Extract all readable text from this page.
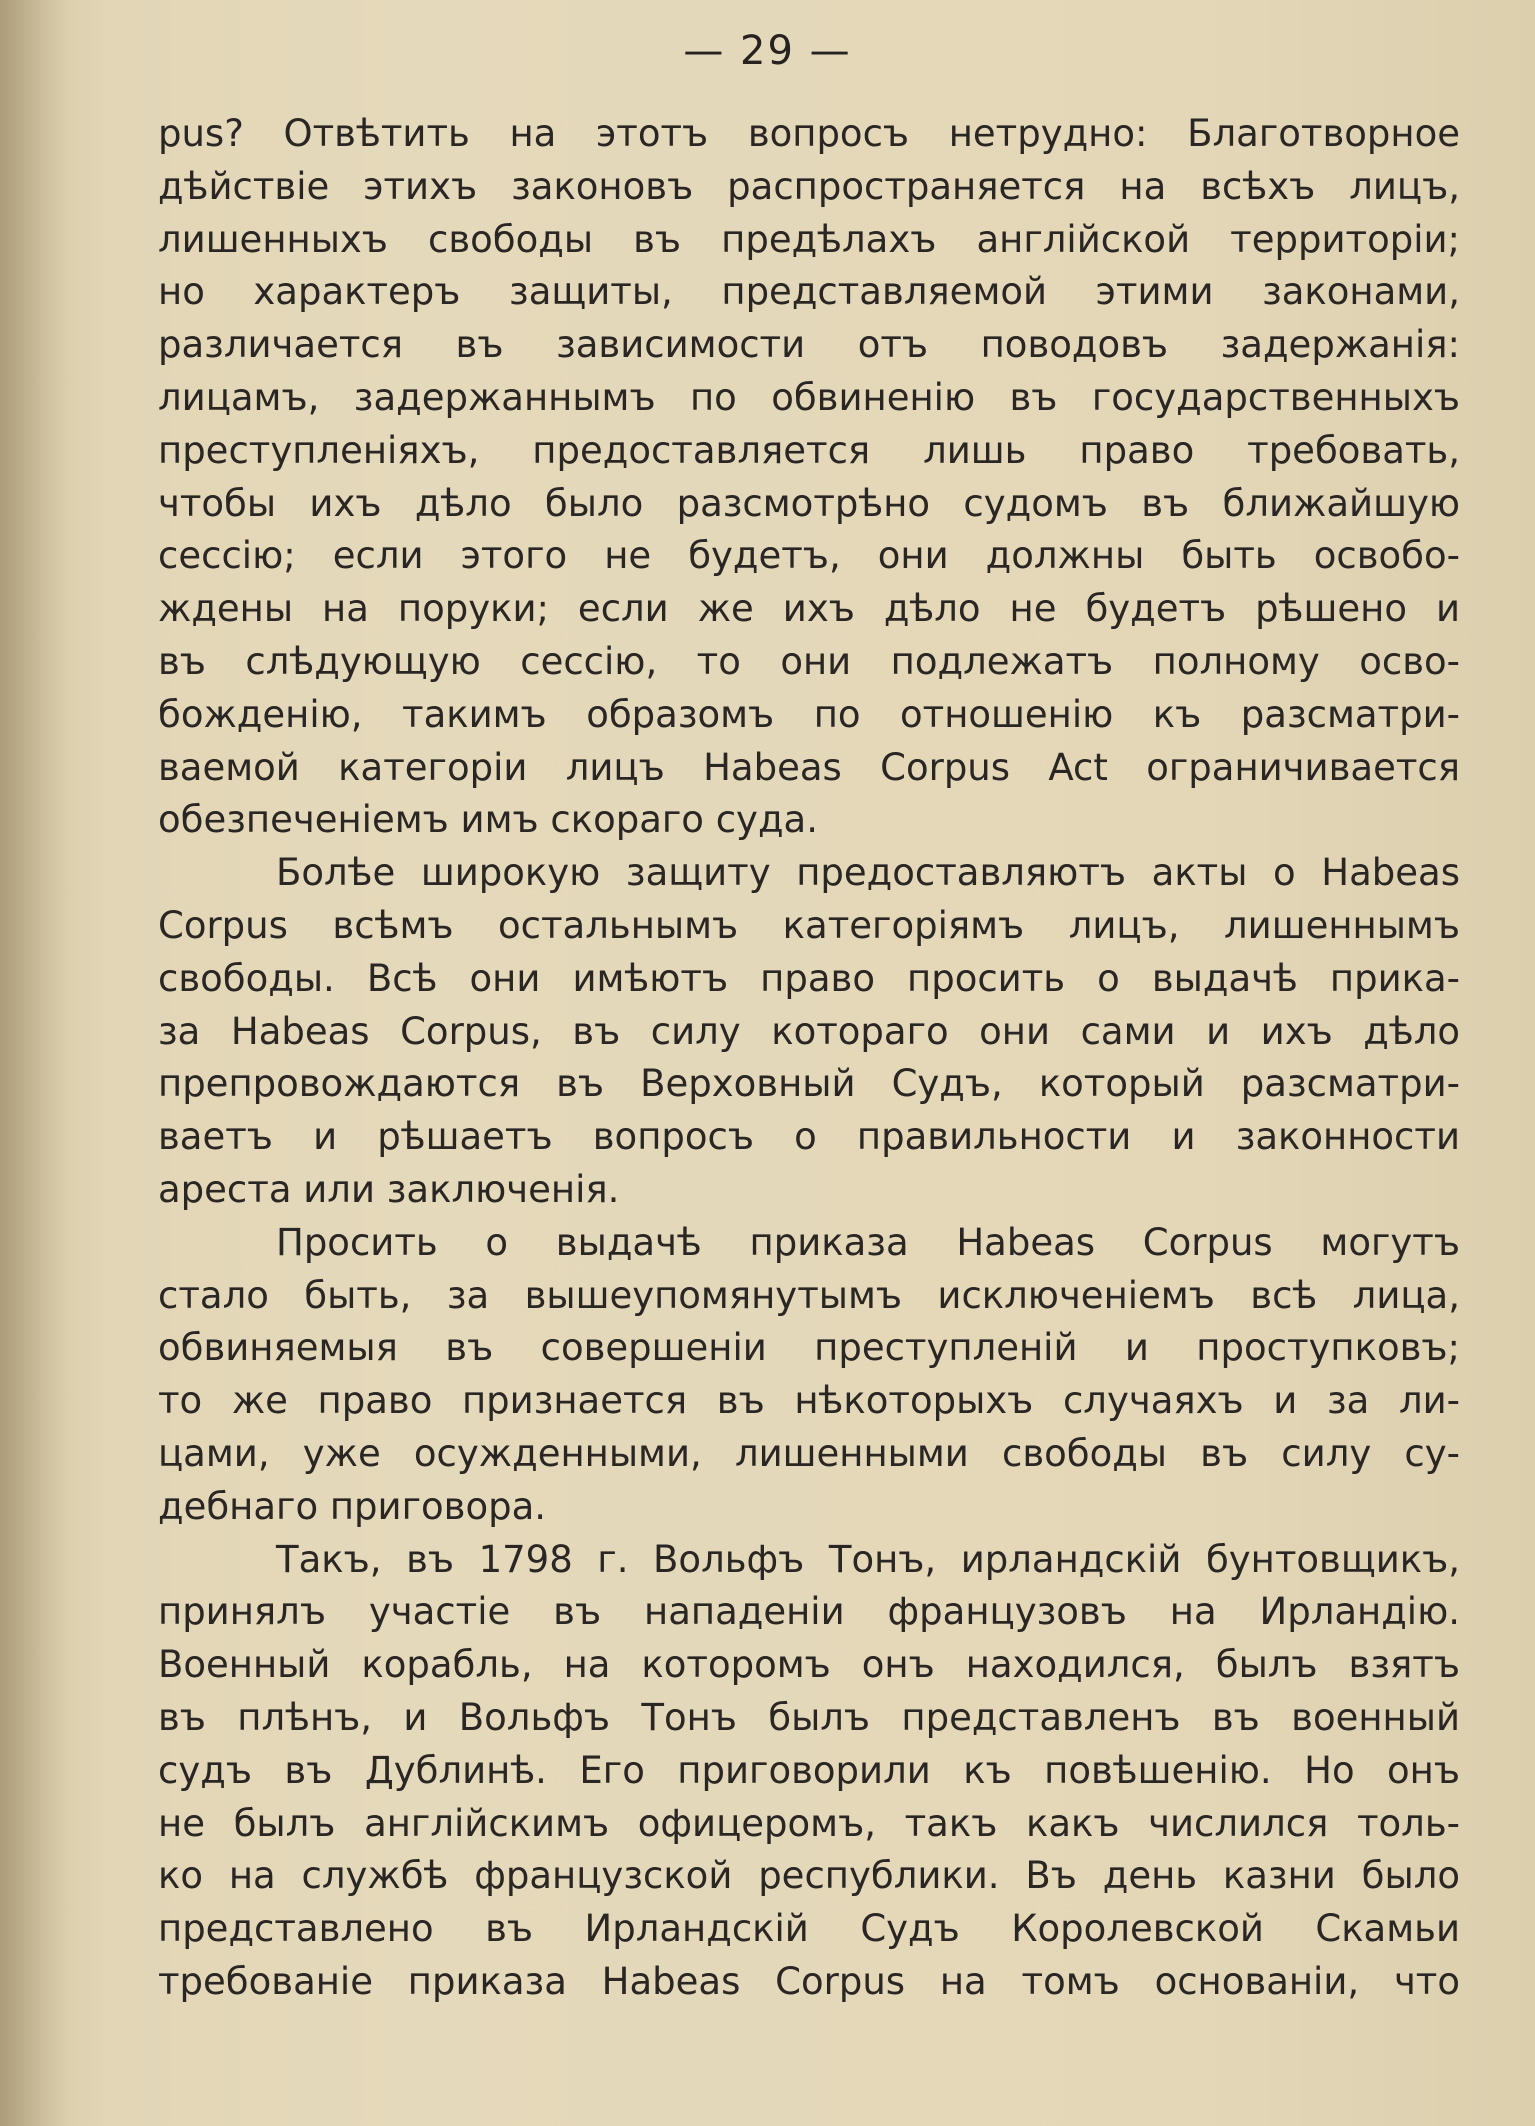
— 29 —
pus? Отвѣтить на этотъ вопросъ нетрудно: Благотворное
дѣйствіе этихъ законовъ распространяется на всѣхъ лицъ,
лишенныхъ свободы въ предѣлахъ англійской территоріи;
но характеръ защиты, представляемой этими законами,
различается въ зависимости отъ поводовъ задержанія:
лицамъ, задержаннымъ по обвиненію въ государственныхъ
преступленіяхъ, предоставляется лишь право требовать,
чтобы ихъ дѣло было разсмотрѣно судомъ въ ближайшую
сессію; если этого не будетъ, они должны быть освобо-
ждены на поруки; если же ихъ дѣло не будетъ рѣшено и
въ слѣдующую сессію, то они подлежатъ полному осво-
божденію, такимъ образомъ по отношенію къ разсматри-
ваемой категоріи лицъ Habeas Corpus Act ограничивается
обезпеченіемъ имъ скораго суда.
Болѣе широкую защиту предоставляютъ акты о Habeas
Corpus всѣмъ остальнымъ категоріямъ лицъ, лишеннымъ
свободы. Всѣ они имѣютъ право просить о выдачѣ прика-
за Habeas Corpus, въ силу котораго они сами и ихъ дѣло
препровождаются въ Верховный Судъ, который разсматри-
ваетъ и рѣшаетъ вопросъ о правильности и законности
ареста или заключенія.
Просить о выдачѣ приказа Habeas Corpus могутъ
стало быть, за вышеупомянутымъ исключеніемъ всѣ лица,
обвиняемыя въ совершеніи преступленій и проступковъ;
то же право признается въ нѣкоторыхъ случаяхъ и за ли-
цами, уже осужденными, лишенными свободы въ силу су-
дебнаго приговора.
Такъ, въ 1798 г. Вольфъ Тонъ, ирландскій бунтовщикъ,
принялъ участіе въ нападеніи французовъ на Ирландію.
Военный корабль, на которомъ онъ находился, былъ взятъ
въ плѣнъ, и Вольфъ Тонъ былъ представленъ въ военный
судъ въ Дублинѣ. Его приговорили къ повѣшенію. Но онъ
не былъ англійскимъ офицеромъ, такъ какъ числился толь-
ко на службѣ французской республики. Въ день казни было
представлено въ Ирландскій Судъ Королевской Скамьи
требованіе приказа Habeas Corpus на томъ основаніи, что
